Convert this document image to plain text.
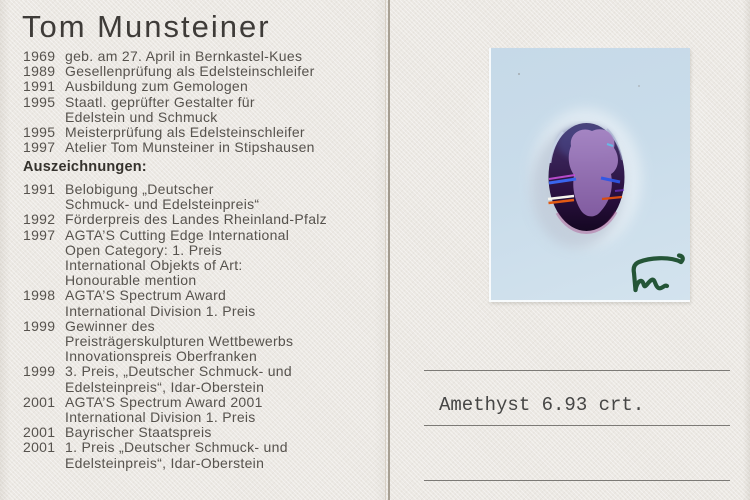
Tom Munsteiner
1969 geb. am 27. April in Bernkastel-Kues
1989 Gesellenprüfung als Edelsteinschleifer
1991 Ausbildung zum Gemologen
1995 Staatl. geprüfter Gestalter für
Edelstein und Schmuck
1995 Meisterprüfung als Edelsteinschleifer
1997 Atelier Tom Munsteiner in Stipshausen
Auszeichnungen:
1991 Belobigung „Deutscher
Schmuck- und Edelsteinpreis“
1992 Förderpreis des Landes Rheinland-Pfalz
1997 AGTA’S Cutting Edge International
Open Category: 1. Preis
International Objekts of Art:
Honourable mention
1998 AGTA’S Spectrum Award
International Division 1. Preis
1999 Gewinner des
Preisträgerskulpturen Wettbewerbs
Innovationspreis Oberfranken
1999 3. Preis, „Deutscher Schmuck- und
Edelsteinpreis“, Idar-Oberstein
2001 AGTA’S Spectrum Award 2001
International Division 1. Preis
2001 Bayrischer Staatspreis
2001 1. Preis „Deutscher Schmuck- und
Edelsteinpreis“, Idar-Oberstein
Amethyst 6.93 crt.
